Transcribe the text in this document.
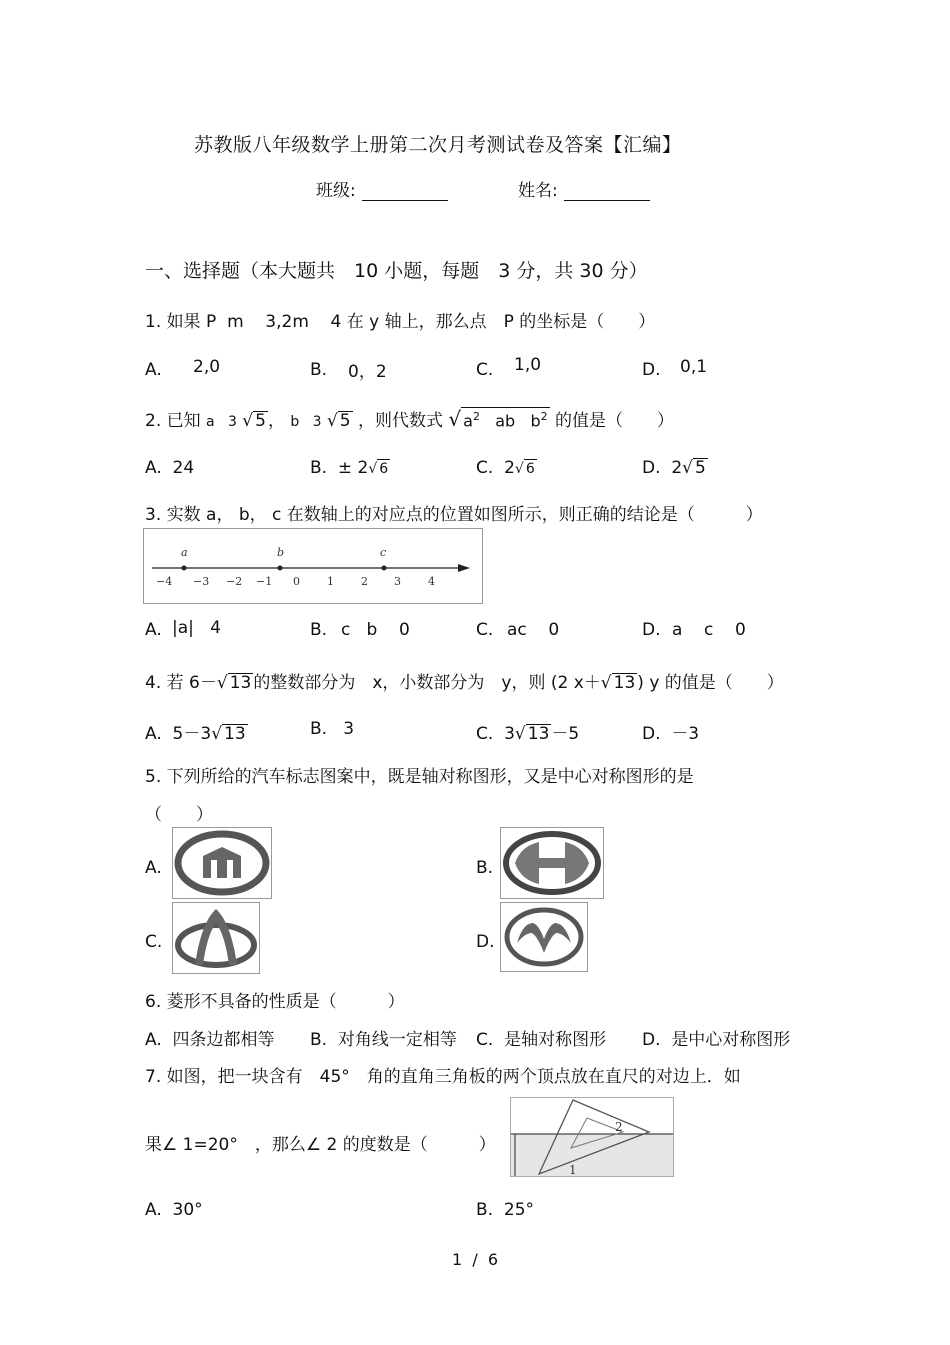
苏教版八年级数学上册第二次月考测试卷及答案【汇编】
班级:	姓名:
一、选择题（本大题共　10 小题，每题　3 分，共 30 分）
1. 如果 P  m    3,2m    4 在 y 轴上，那么点　P 的坐标是（　　）
A. 2,0	B. 0，2	C. 1,0	D. 0,1
2. 已知 a   3 √ 5 ， b   3 √ 5 ，则代数式 √ $a^2$ ab $b^2$ 的值是（　　）
A. 24	B. ± 2√ 6	C. 2√ 6	D. 2√ 5
3. 实数 a， b， c 在数轴上的对应点的位置如图所示，则正确的结论是（　　　）
−4 −3 −2 −1 0 1 2 3 4
a	b	c
A. |a|   4	B. c   b    0	C. ac    0	D. a    c    0
4. 若 6－√ 13 的整数部分为　x，小数部分为　y，则 (2 x＋√ 13 ) y 的值是（　　）
A. 5－3√ 13	B. 3	C. 3√ 13 －5	D. －3
5. 下列所给的汽车标志图案中，既是轴对称图形，又是中心对称图形的是
（　　）
A.	B.
C.	D.
6. 菱形不具备的性质是（　　　）
A. 四条边都相等 B. 对角线一定相等 C. 是轴对称图形 D. 是中心对称图形
7. 如图，把一块含有　45°　角的直角三角板的两个顶点放在直尺的对边上．如
果∠ 1=20°　，那么∠ 2 的度数是（　　　）
2
1
A. 30°	B. 25°
1  /  6
